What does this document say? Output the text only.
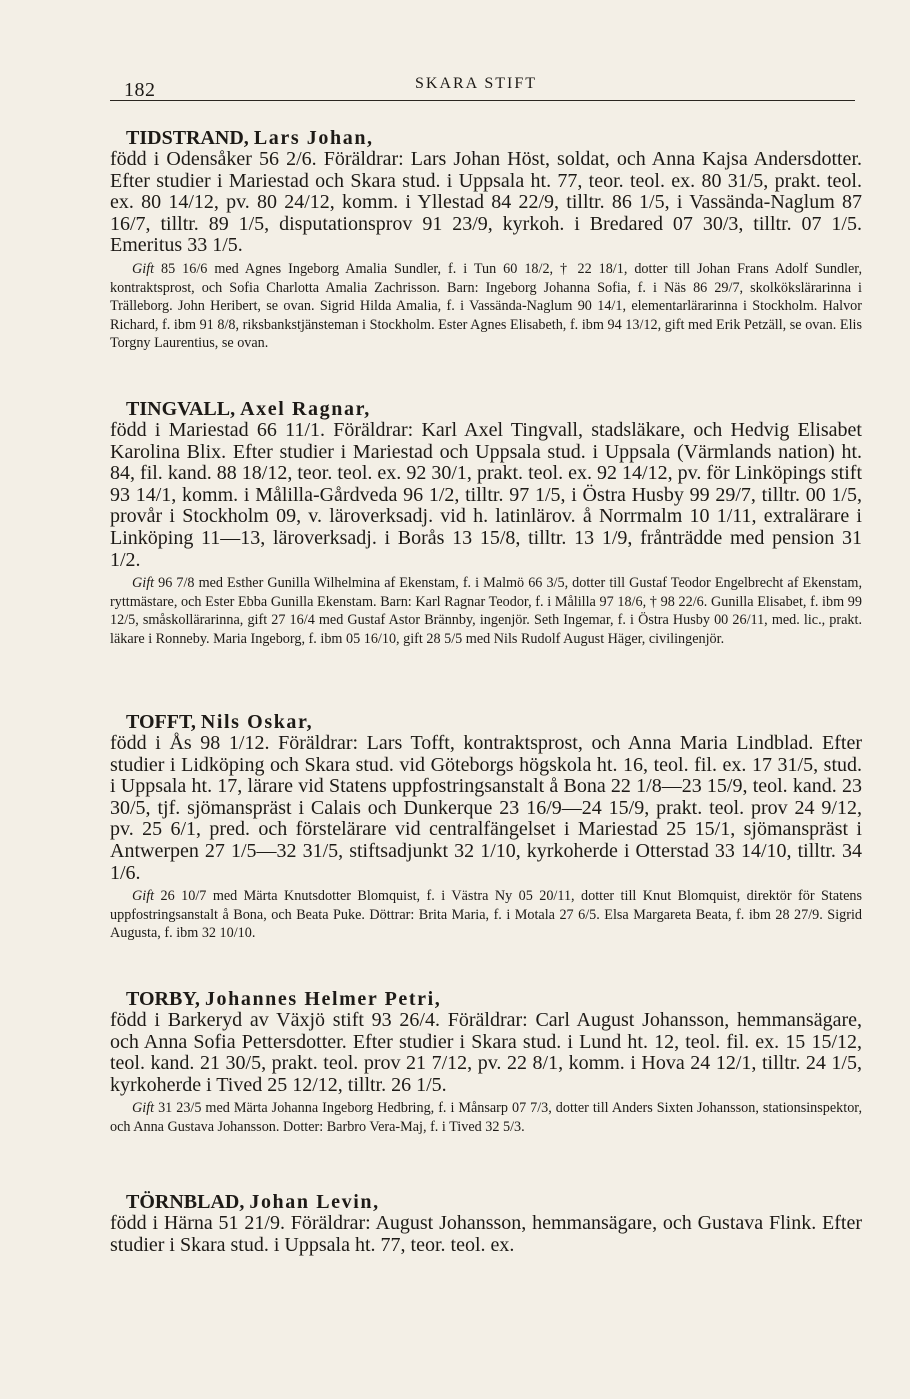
182	SKARA STIFT
TIDSTRAND, Lars Johan,

född i Odensåker 56 2/6. Föräldrar: Lars Johan Höst, soldat, och Anna Kajsa Andersdotter. Efter studier i Mariestad och Skara stud. i Uppsala ht. 77, teor. teol. ex. 80 31/5, prakt. teol. ex. 80 14/12, pv. 80 24/12, komm. i Yllestad 84 22/9, tilltr. 86 1/5, i Vassända-Naglum 87 16/7, tilltr. 89 1/5, disputationsprov 91 23/9, kyrkoh. i Bredared 07 30/3, tilltr. 07 1/5. Emeritus 33 1/5.

Gift 85 16/6 med Agnes Ingeborg Amalia Sundler, f. i Tun 60 18/2, † 22 18/1, dotter till Johan Frans Adolf Sundler, kontraktsprost, och Sofia Charlotta Amalia Zachrisson. Barn: Ingeborg Johanna Sofia, f. i Näs 86 29/7, skolkökslärarinna i Trälleborg. John Heribert, se ovan. Sigrid Hilda Amalia, f. i Vassända-Naglum 90 14/1, elementarlärarinna i Stockholm. Halvor Richard, f. ibm 91 8/8, riksbankstjänsteman i Stockholm. Ester Agnes Elisabeth, f. ibm 94 13/12, gift med Erik Petzäll, se ovan. Elis Torgny Laurentius, se ovan.

TINGVALL, Axel Ragnar,

född i Mariestad 66 11/1. Föräldrar: Karl Axel Tingvall, stadsläkare, och Hedvig Elisabet Karolina Blix. Efter studier i Mariestad och Uppsala stud. i Uppsala (Värmlands nation) ht. 84, fil. kand. 88 18/12, teor. teol. ex. 92 30/1, prakt. teol. ex. 92 14/12, pv. för Linköpings stift 93 14/1, komm. i Målilla-Gårdveda 96 1/2, tilltr. 97 1/5, i Östra Husby 99 29/7, tilltr. 00 1/5, provår i Stockholm 09, v. läroverksadj. vid h. latinlärov. å Norrmalm 10 1/11, extralärare i Linköping 11—13, läroverksadj. i Borås 13 15/8, tilltr. 13 1/9, frånträdde med pension 31 1/2.

Gift 96 7/8 med Esther Gunilla Wilhelmina af Ekenstam, f. i Malmö 66 3/5, dotter till Gustaf Teodor Engelbrecht af Ekenstam, ryttmästare, och Ester Ebba Gunilla Ekenstam. Barn: Karl Ragnar Teodor, f. i Målilla 97 18/6, † 98 22/6. Gunilla Elisabet, f. ibm 99 12/5, småskollärarinna, gift 27 16/4 med Gustaf Astor Brännby, ingenjör. Seth Ingemar, f. i Östra Husby 00 26/11, med. lic., prakt. läkare i Ronneby. Maria Ingeborg, f. ibm 05 16/10, gift 28 5/5 med Nils Rudolf August Häger, civilingenjör.

TOFFT, Nils Oskar,

född i Ås 98 1/12. Föräldrar: Lars Tofft, kontraktsprost, och Anna Maria Lindblad. Efter studier i Lidköping och Skara stud. vid Göteborgs högskola ht. 16, teol. fil. ex. 17 31/5, stud. i Uppsala ht. 17, lärare vid Statens uppfostringsanstalt å Bona 22 1/8—23 15/9, teol. kand. 23 30/5, tjf. sjömanspräst i Calais och Dunkerque 23 16/9—24 15/9, prakt. teol. prov 24 9/12, pv. 25 6/1, pred. och förstelärare vid centralfängelset i Mariestad 25 15/1, sjömanspräst i Antwerpen 27 1/5—32 31/5, stiftsadjunkt 32 1/10, kyrkoherde i Otterstad 33 14/10, tilltr. 34 1/6.

Gift 26 10/7 med Märta Knutsdotter Blomquist, f. i Västra Ny 05 20/11, dotter till Knut Blomquist, direktör för Statens uppfostringsanstalt å Bona, och Beata Puke. Döttrar: Brita Maria, f. i Motala 27 6/5. Elsa Margareta Beata, f. ibm 28 27/9. Sigrid Augusta, f. ibm 32 10/10.

TORBY, Johannes Helmer Petri,

född i Barkeryd av Växjö stift 93 26/4. Föräldrar: Carl August Johansson, hemmansägare, och Anna Sofia Pettersdotter. Efter studier i Skara stud. i Lund ht. 12, teol. fil. ex. 15 15/12, teol. kand. 21 30/5, prakt. teol. prov 21 7/12, pv. 22 8/1, komm. i Hova 24 12/1, tilltr. 24 1/5, kyrkoherde i Tived 25 12/12, tilltr. 26 1/5.

Gift 31 23/5 med Märta Johanna Ingeborg Hedbring, f. i Månsarp 07 7/3, dotter till Anders Sixten Johansson, stationsinspektor, och Anna Gustava Johansson. Dotter: Barbro Vera-Maj, f. i Tived 32 5/3.

TÖRNBLAD, Johan Levin,

född i Härna 51 21/9. Föräldrar: August Johansson, hemmansägare, och Gustava Flink. Efter studier i Skara stud. i Uppsala ht. 77, teor. teol. ex.
